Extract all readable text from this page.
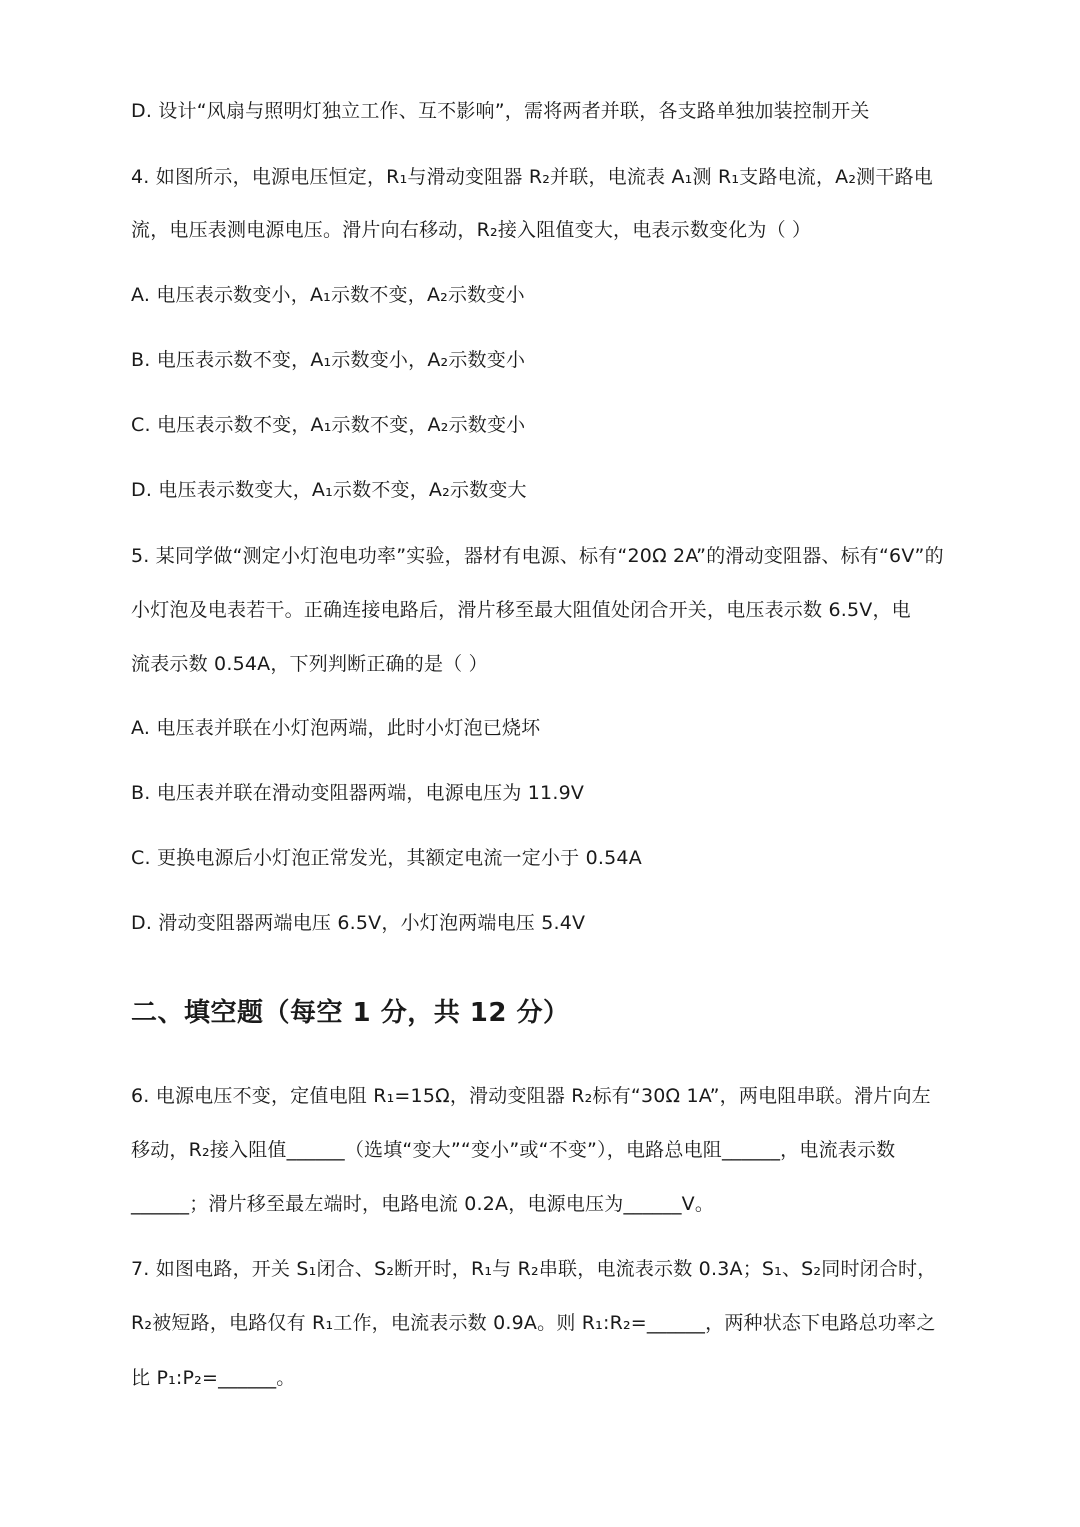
D. 设计“风扇与照明灯独立工作、互不影响”，需将两者并联，各支路单独加装控制开关
4. 如图所示，电源电压恒定，R₁与滑动变阻器 R₂并联，电流表 A₁测 R₁支路电流，A₂测干路电
流，电压表测电源电压。滑片向右移动，R₂接入阻值变大，电表示数变化为（ ）
A. 电压表示数变小，A₁示数不变，A₂示数变小
B. 电压表示数不变，A₁示数变小，A₂示数变小
C. 电压表示数不变，A₁示数不变，A₂示数变小
D. 电压表示数变大，A₁示数不变，A₂示数变大
5. 某同学做“测定小灯泡电功率”实验，器材有电源、标有“20Ω 2A”的滑动变阻器、标有“6V”的
小灯泡及电表若干。正确连接电路后，滑片移至最大阻值处闭合开关，电压表示数 6.5V，电
流表示数 0.54A，下列判断正确的是（ ）
A. 电压表并联在小灯泡两端，此时小灯泡已烧坏
B. 电压表并联在滑动变阻器两端，电源电压为 11.9V
C. 更换电源后小灯泡正常发光，其额定电流一定小于 0.54A
D. 滑动变阻器两端电压 6.5V，小灯泡两端电压 5.4V
二、填空题（每空 1 分，共 12 分）
6. 电源电压不变，定值电阻 R₁=15Ω，滑动变阻器 R₂标有“30Ω 1A”，两电阻串联。滑片向左
移动，R₂接入阻值______（选填“变大”“变小”或“不变”），电路总电阻______，电流表示数
______；滑片移至最左端时，电路电流 0.2A，电源电压为______V。
7. 如图电路，开关 S₁闭合、S₂断开时，R₁与 R₂串联，电流表示数 0.3A；S₁、S₂同时闭合时，
R₂被短路，电路仅有 R₁工作，电流表示数 0.9A。则 R₁:R₂=______，两种状态下电路总功率之
比 P₁:P₂=______。
